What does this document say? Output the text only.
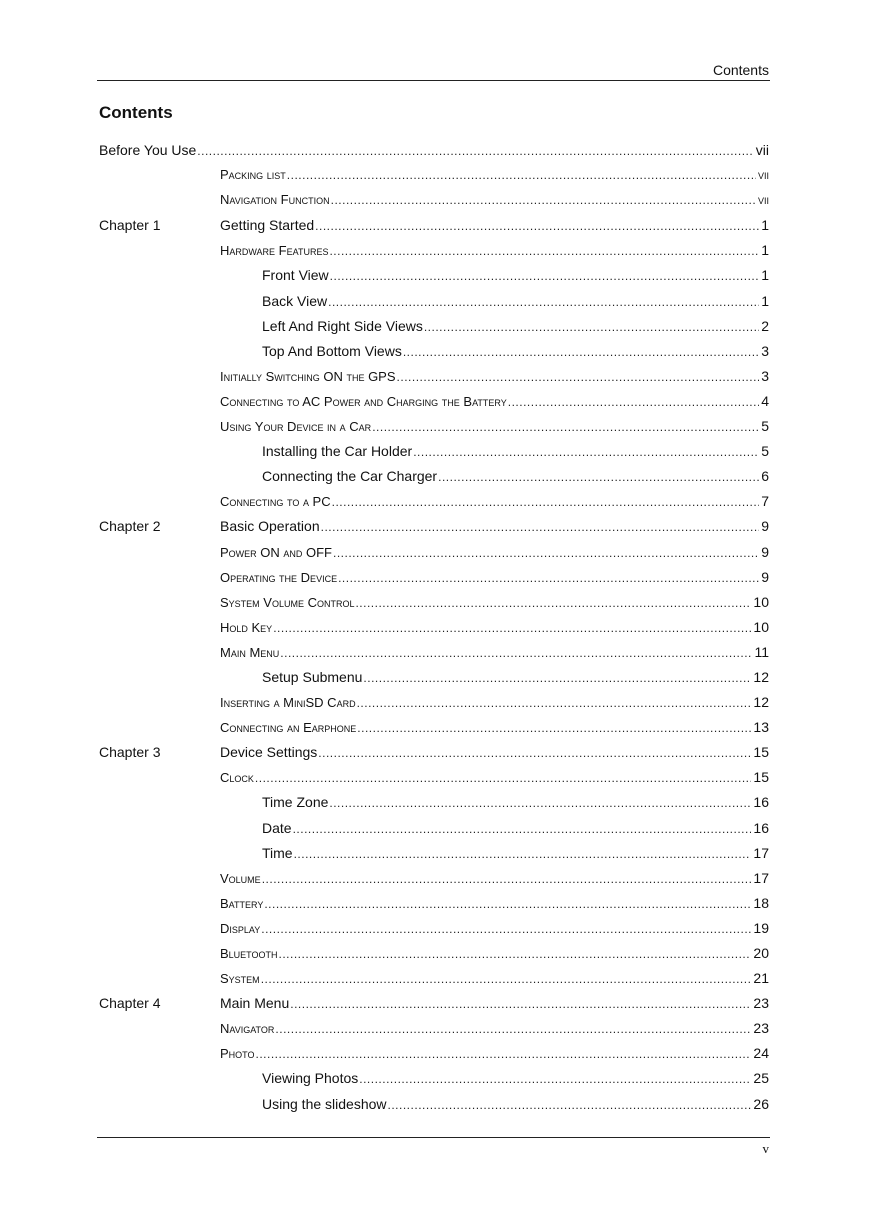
Contents
Contents
Before You Use .....	vii
Packing list .....	vii
Navigation Function .....	vii
Chapter 1	Getting Started .....	1
Hardware Features .....	1
Front View .....	1
Back View .....	1
Left And Right Side Views .....	2
Top And Bottom Views .....	3
Initially Switching ON the GPS .....	3
Connecting to AC Power and Charging the Battery .....	4
Using Your Device in a Car .....	5
Installing the Car Holder .....	5
Connecting the Car Charger .....	6
Connecting to a PC .....	7
Chapter 2	Basic Operation .....	9
Power ON and OFF .....	9
Operating the Device .....	9
System Volume Control .....	10
Hold Key .....	10
Main Menu .....	11
Setup Submenu .....	12
Inserting a MiniSD Card .....	12
Connecting an Earphone .....	13
Chapter 3	Device Settings .....	15
Clock .....	15
Time Zone .....	16
Date .....	16
Time .....	17
Volume .....	17
Battery .....	18
Display .....	19
Bluetooth .....	20
System .....	21
Chapter 4	Main Menu .....	23
Navigator .....	23
Photo .....	24
Viewing Photos .....	25
Using the slideshow .....	26
v
